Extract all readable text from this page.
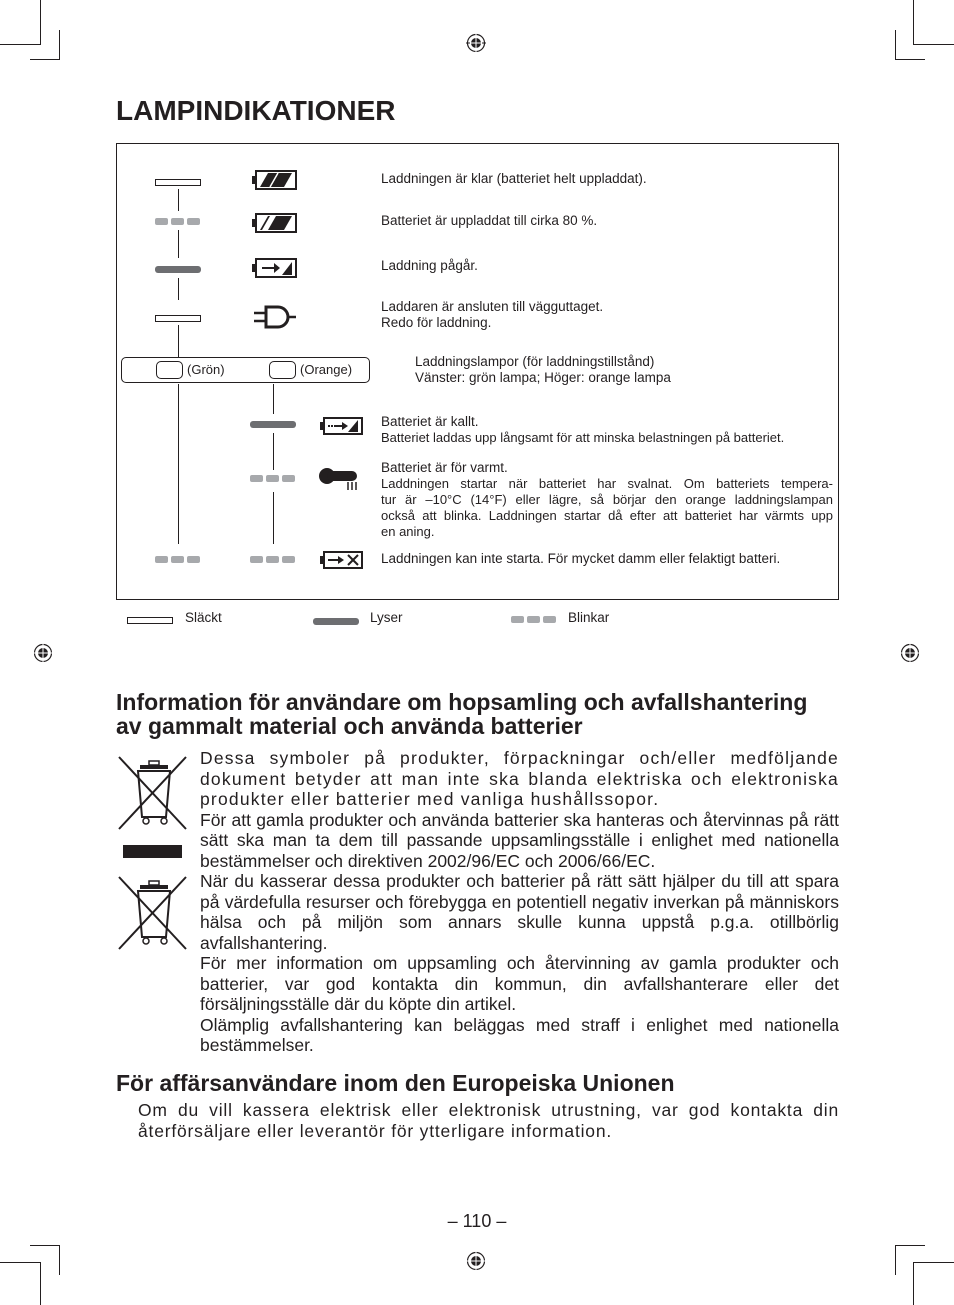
LAMPINDIKATIONER
Laddningen är klar (batteriet helt uppladdat).
Batteriet är uppladdat till cirka 80 %.
Laddning pågår.
Laddaren är ansluten till vägguttaget.
Redo för laddning.
(Grön)	(Orange)
Laddningslampor (för laddningstillstånd)
Vänster: grön lampa; Höger: orange lampa
Batteriet är kallt.
Batteriet laddas upp långsamt för att minska belastningen på batteriet.
Batteriet är för varmt.
Laddningen startar när batteriet har svalnat. Om batteriets tempera-
tur är –10°C (14°F) eller lägre, så börjar den orange laddningslampan
också att blinka. Laddningen startar då efter att batteriet har värmts upp
en aning.
Laddningen kan inte starta. För mycket damm eller felaktigt batteri.
Släckt	Lyser	Blinkar
Information för användare om hopsamling och avfallshantering
av gammalt material och använda batterier

Dessa symboler på produkter, förpackningar och/eller medföljande dokument betyder att man inte ska blanda elektriska och elektroniska produkter eller batterier med vanliga hushållssopor.

För att gamla produkter och använda batterier ska hanteras och återvinnas på rätt sätt ska man ta dem till passande uppsamlingsställe i enlighet med nationella bestämmelser och direktiven 2002/96/EC och 2006/66/EC.

När du kasserar dessa produkter och batterier på rätt sätt hjälper du till att spara på värdefulla resurser och förebygga en potentiell negativ inverkan på människors hälsa och på miljön som annars skulle kunna uppstå p.g.a. otillbörlig avfallshantering.

För mer information om uppsamling och återvinning av gamla produkter och batterier, var god kontakta din kommun, din avfallshanterare eller det försäljningsställe där du köpte din artikel.

Olämplig avfallshantering kan beläggas med straff i enlighet med nationella bestämmelser.

För affärsanvändare inom den Europeiska Unionen

Om du vill kassera elektrisk eller elektronisk utrustning, var god kontakta din återförsäljare eller leverantör för ytterligare information.

– 110 –
